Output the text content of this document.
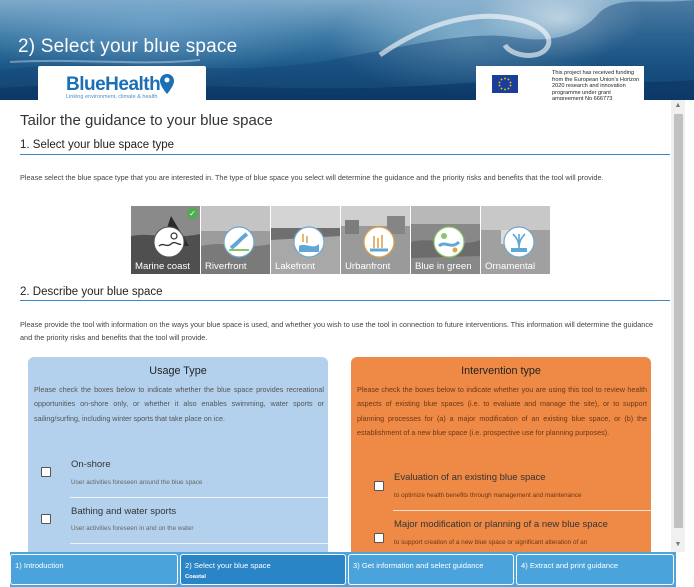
2) Select your blue space
BlueHealth
Linking environment, climate & health
This project has received funding from the European Union's Horizon 2020 research and innovation programme under grant
Tailor the guidance to your blue space
1. Select your blue space type
Please select the blue space type that you are interested in. The type of blue space you select will determine the guidance and the priority risks and benefits that the tool will provide.
✓
Marine coast Riverfront	Lakefront	Urbanfront	Blue in green Ornamental
2. Describe your blue space
Please provide the tool with information on the ways your blue space is used, and whether you wish to use the tool in connection to future interventions. This information will determine the guidance and the priority risks and benefits that the tool will provide.
Usage Type
Please check the boxes below to indicate whether the blue space provides recreational opportunities on-shore only, or whether it also enables swimming, water sports or sailing/surfing, including winter sports that take place on ice.
On-shore
User activities foreseen around the blue space
Bathing and water sports
User activities foreseen in and on the water
Intervention type
Please check the boxes below to indicate whether you are using this tool to review health aspects of existing blue spaces (i.e. to evaluate and manage the site), or to support planning processes for (a) a major modification of an existing blue space, or (b) the establishment of a new blue space (i.e. prospective use for planning purposes).
Evaluation of an existing blue space
to optimize health benefits through management and maintenance
Major modification or planning of a new blue space
to support creation of a new blue space or significant alteration of an
▲
▼
1) Introduction	2) Select your blue space
Coastal
3) Get information and select guidance	4) Extract and print guidance
